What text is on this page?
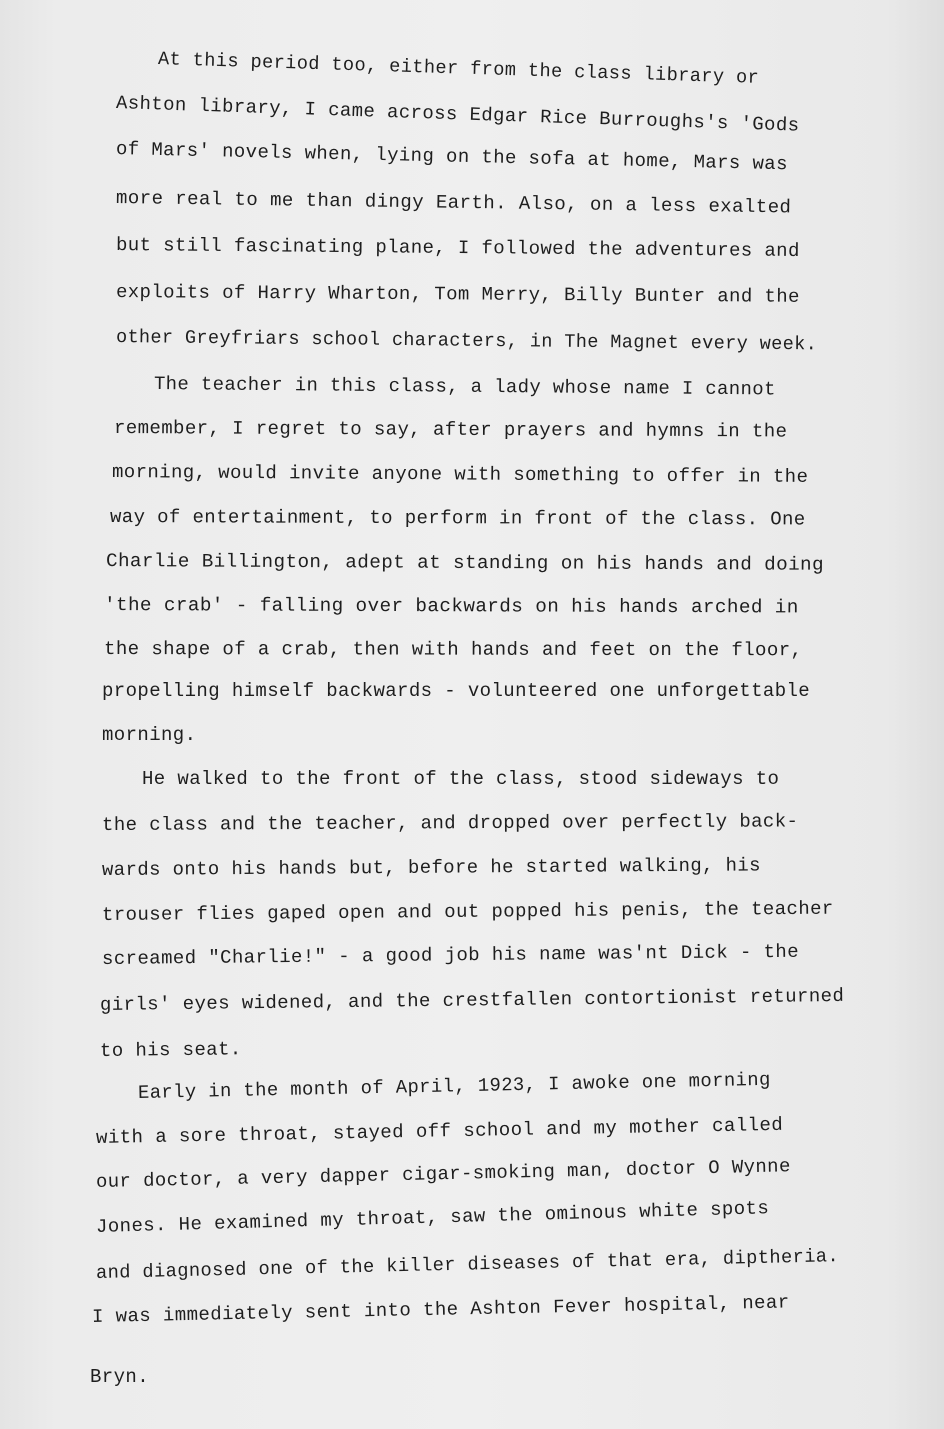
At this period too, either from the class library or

Ashton library, I came across Edgar Rice Burroughs's 'Gods

of Mars' novels when, lying on the sofa at home, Mars was

more real to me than dingy Earth. Also, on a less exalted

but still fascinating plane, I followed the adventures and

exploits of Harry Wharton, Tom Merry, Billy Bunter and the

other Greyfriars school characters, in The Magnet every week.

The teacher in this class, a lady whose name I cannot

remember, I regret to say, after prayers and hymns in the

morning, would invite anyone with something to offer in the

way of entertainment, to perform in front of the class. One

Charlie Billington, adept at standing on his hands and doing

'the crab' - falling over backwards on his hands arched in

the shape of a crab, then with hands and feet on the floor,

propelling himself backwards - volunteered one unforgettable

morning.

He walked to the front of the class, stood sideways to

the class and the teacher, and dropped over perfectly back-

wards onto his hands but, before he started walking, his

trouser flies gaped open and out popped his penis, the teacher

screamed "Charlie!" - a good job his name was'nt Dick - the

girls' eyes widened, and the crestfallen contortionist returned

to his seat.

Early in the month of April, 1923, I awoke one morning

with a sore throat, stayed off school and my mother called

our doctor, a very dapper cigar-smoking man, doctor O Wynne

Jones. He examined my throat, saw the ominous white spots

and diagnosed one of the killer diseases of that era, diptheria.

I was immediately sent into the Ashton Fever hospital, near

Bryn.
